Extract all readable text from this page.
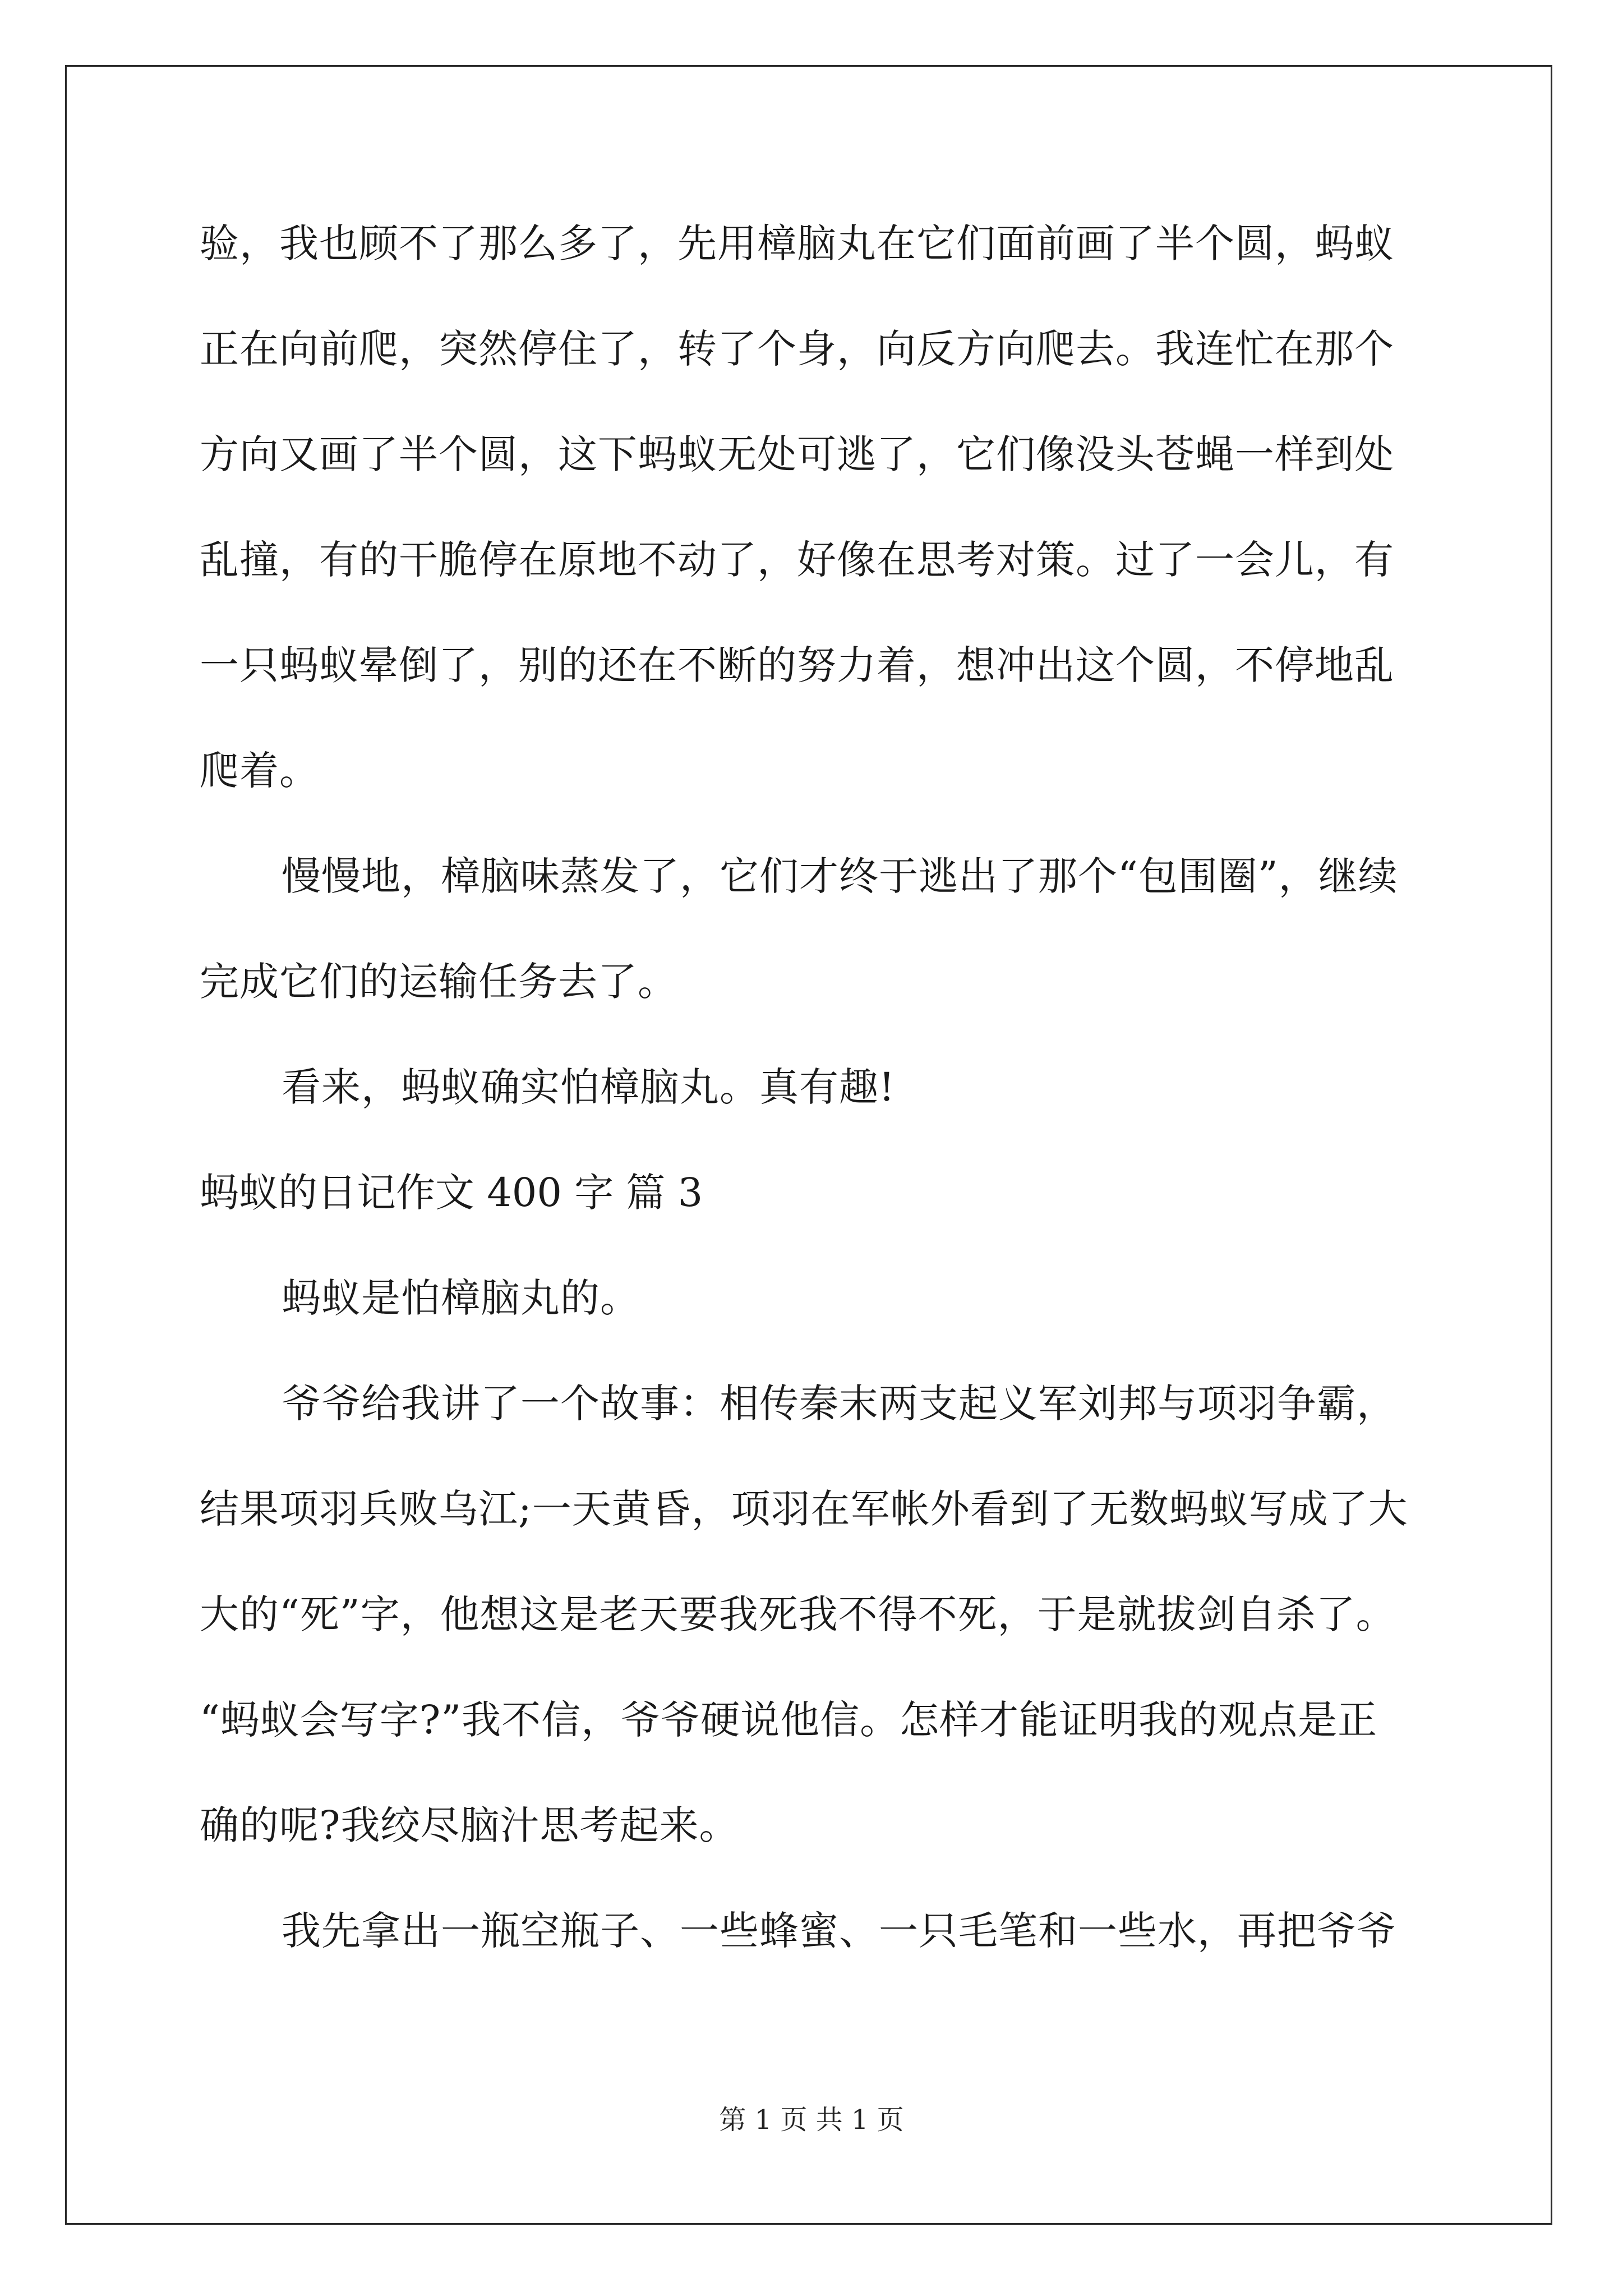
验，我也顾不了那么多了，先用樟脑丸在它们面前画了半个圆，蚂蚁
正在向前爬，突然停住了，转了个身，向反方向爬去。我连忙在那个
方向又画了半个圆，这下蚂蚁无处可逃了，它们像没头苍蝇一样到处
乱撞，有的干脆停在原地不动了，好像在思考对策。过了一会儿，有
一只蚂蚁晕倒了，别的还在不断的努力着，想冲出这个圆，不停地乱
爬着。
慢慢地，樟脑味蒸发了，它们才终于逃出了那个“包围圈”，继续
完成它们的运输任务去了。
看来，蚂蚁确实怕樟脑丸。真有趣!
蚂蚁的日记作文 400 字 篇 3
蚂蚁是怕樟脑丸的。
爷爷给我讲了一个故事：相传秦末两支起义军刘邦与项羽争霸，
结果项羽兵败乌江;一天黄昏，项羽在军帐外看到了无数蚂蚁写成了大
大的“死”字，他想这是老天要我死我不得不死，于是就拔剑自杀了。
“蚂蚁会写字?”我不信，爷爷硬说他信。怎样才能证明我的观点是正
确的呢?我绞尽脑汁思考起来。
我先拿出一瓶空瓶子、一些蜂蜜、一只毛笔和一些水，再把爷爷
第 1 页 共 1 页
